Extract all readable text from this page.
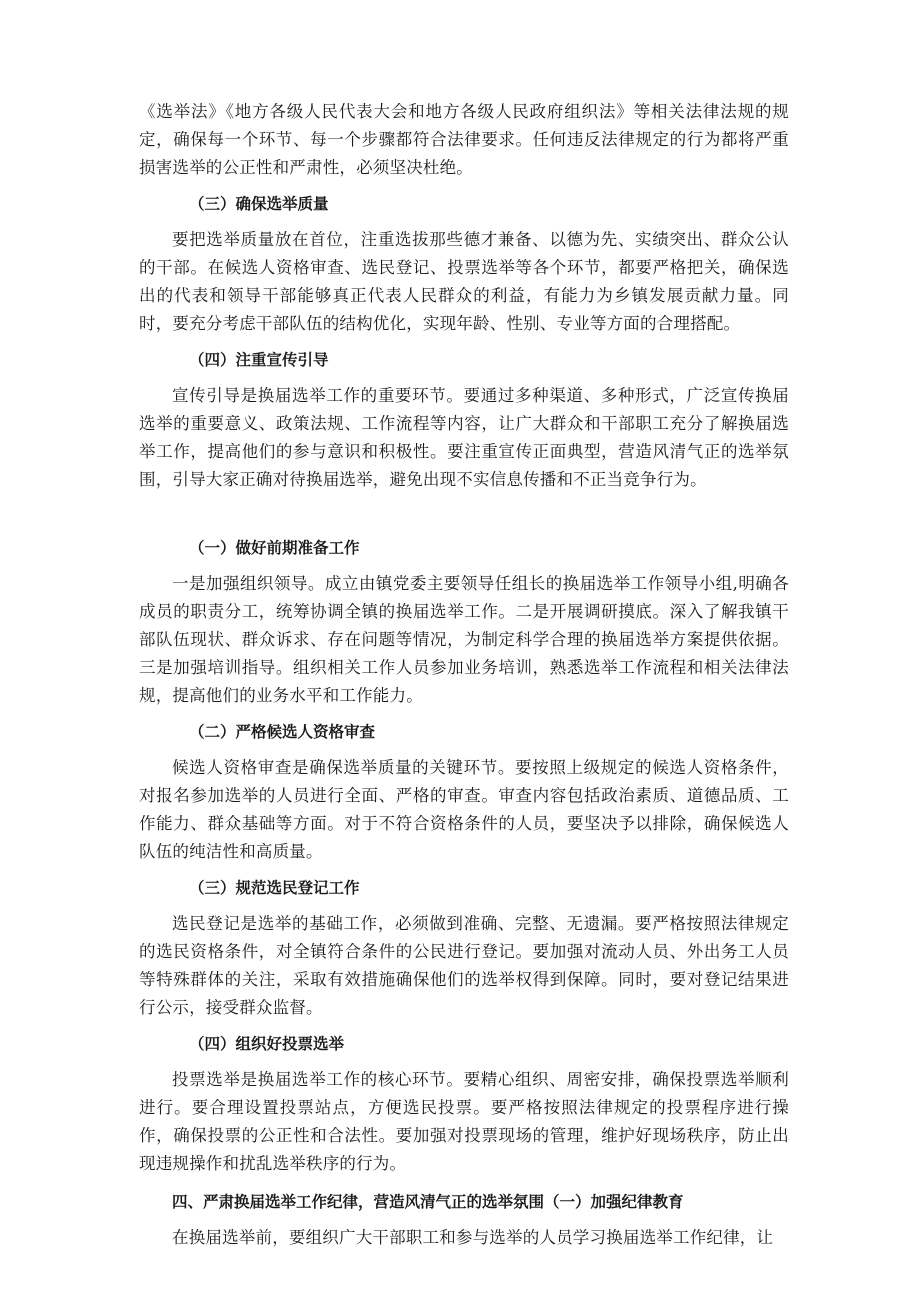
《选举法》《地方各级人民代表大会和地方各级人民政府组织法》等相关法律法规的规定，确保每一个环节、每一个步骤都符合法律要求。任何违反法律规定的行为都将严重损害选举的公正性和严肃性，必须坚决杜绝。

（三）确保选举质量

要把选举质量放在首位，注重选拔那些德才兼备、以德为先、实绩突出、群众公认的干部。在候选人资格审查、选民登记、投票选举等各个环节，都要严格把关，确保选出的代表和领导干部能够真正代表人民群众的利益，有能力为乡镇发展贡献力量。同时，要充分考虑干部队伍的结构优化，实现年龄、性别、专业等方面的合理搭配。

（四）注重宣传引导

宣传引导是换届选举工作的重要环节。要通过多种渠道、多种形式，广泛宣传换届选举的重要意义、政策法规、工作流程等内容，让广大群众和干部职工充分了解换届选举工作，提高他们的参与意识和积极性。要注重宣传正面典型，营造风清气正的选举氛围，引导大家正确对待换届选举，避免出现不实信息传播和不正当竞争行为。

（一）做好前期准备工作

一是加强组织领导。成立由镇党委主要领导任组长的换届选举工作领导小组,明确各成员的职责分工，统筹协调全镇的换届选举工作。二是开展调研摸底。深入了解我镇干部队伍现状、群众诉求、存在问题等情况，为制定科学合理的换届选举方案提供依据。三是加强培训指导。组织相关工作人员参加业务培训，熟悉选举工作流程和相关法律法规，提高他们的业务水平和工作能力。

（二）严格候选人资格审查

候选人资格审查是确保选举质量的关键环节。要按照上级规定的候选人资格条件，对报名参加选举的人员进行全面、严格的审查。审查内容包括政治素质、道德品质、工作能力、群众基础等方面。对于不符合资格条件的人员，要坚决予以排除，确保候选人队伍的纯洁性和高质量。

（三）规范选民登记工作

选民登记是选举的基础工作，必须做到准确、完整、无遗漏。要严格按照法律规定的选民资格条件，对全镇符合条件的公民进行登记。要加强对流动人员、外出务工人员等特殊群体的关注，采取有效措施确保他们的选举权得到保障。同时，要对登记结果进行公示，接受群众监督。

（四）组织好投票选举

投票选举是换届选举工作的核心环节。要精心组织、周密安排，确保投票选举顺利进行。要合理设置投票站点，方便选民投票。要严格按照法律规定的投票程序进行操作，确保投票的公正性和合法性。要加强对投票现场的管理，维护好现场秩序，防止出现违规操作和扰乱选举秩序的行为。

四、严肃换届选举工作纪律，营造风清气正的选举氛围（一）加强纪律教育

在换届选举前，要组织广大干部职工和参与选举的人员学习换届选举工作纪律，让
